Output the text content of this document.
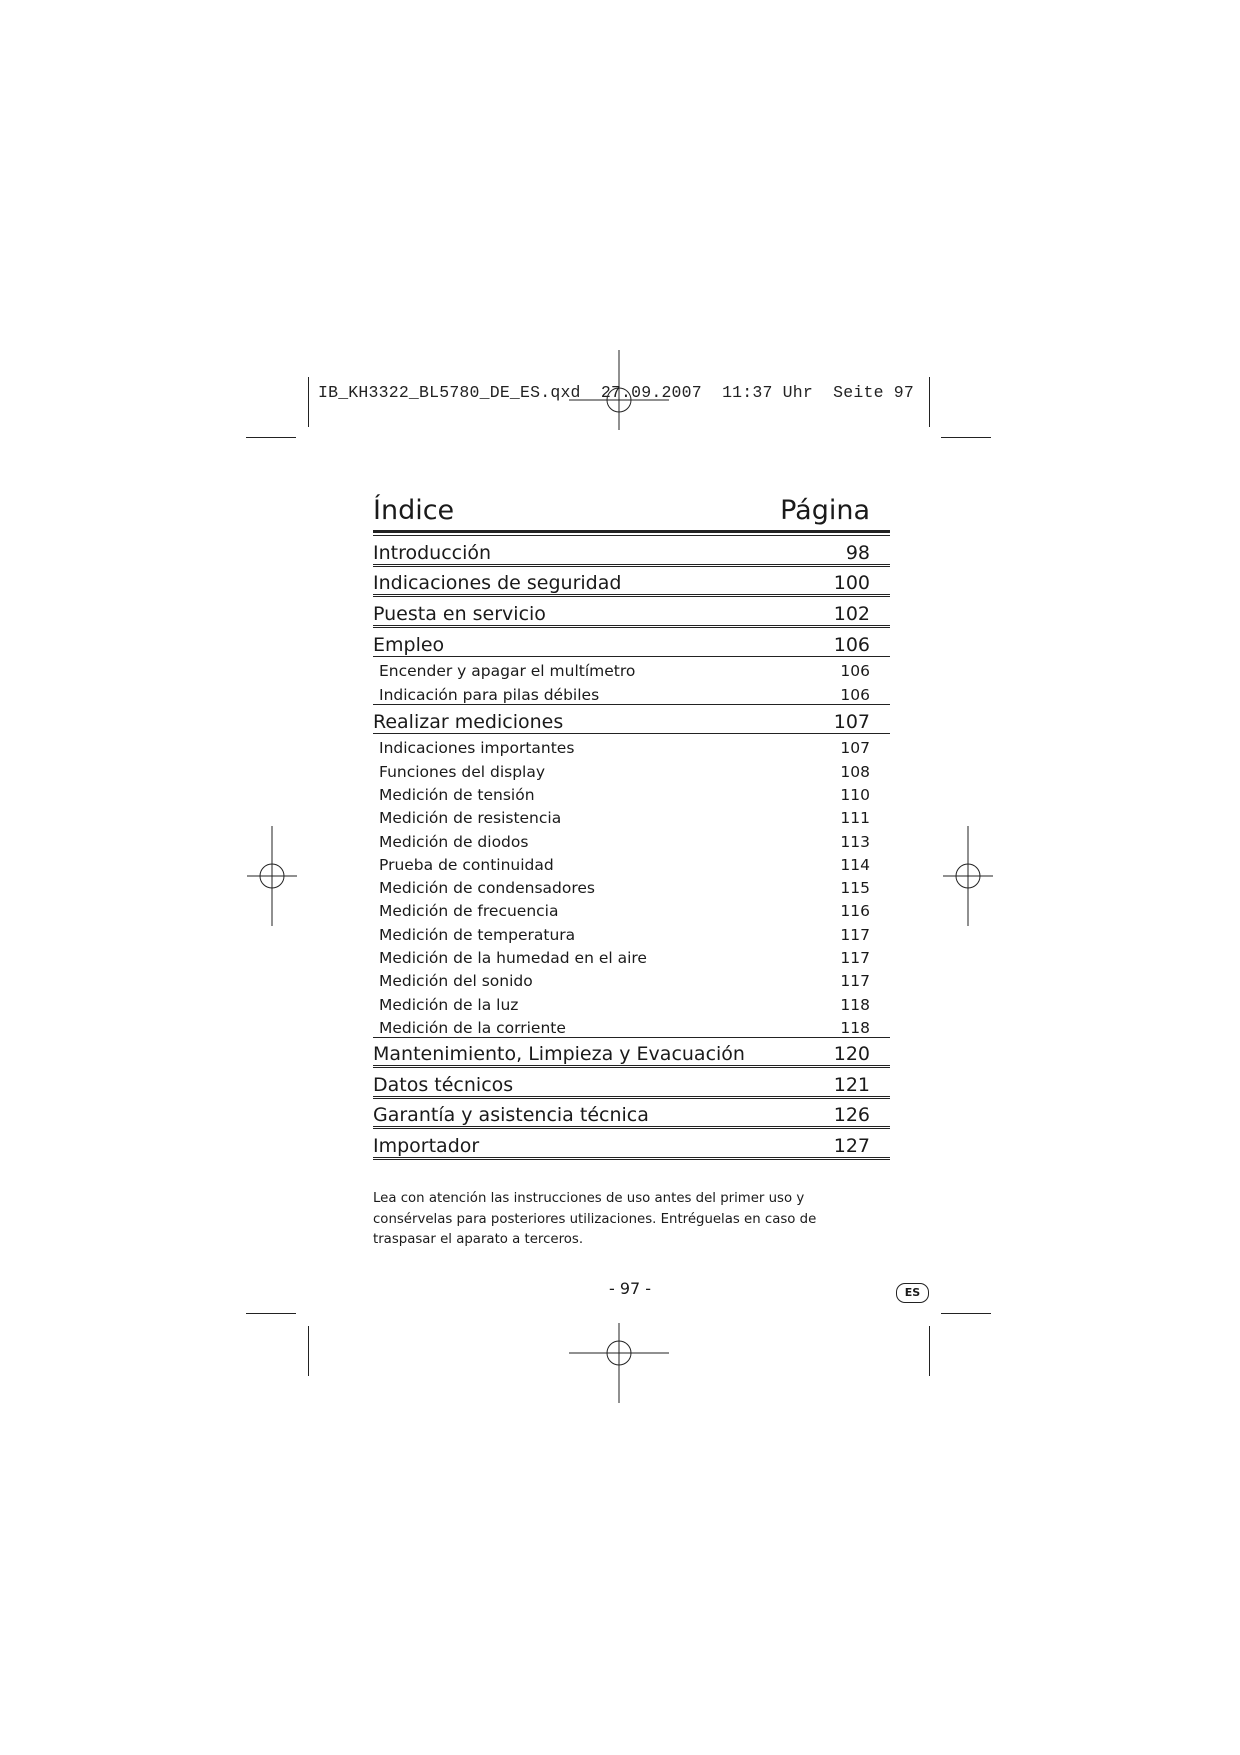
IB_KH3322_BL5780_DE_ES.qxd  27.09.2007  11:37 Uhr  Seite 97
Índice	Página
Introducción	98
Indicaciones de seguridad	100
Puesta en servicio	102
Empleo	106
Encender y apagar el multímetro	106
Indicación para pilas débiles	106
Realizar mediciones	107
Indicaciones importantes	107
Funciones del display	108
Medición de tensión	110
Medición de resistencia	111
Medición de diodos	113
Prueba de continuidad	114
Medición de condensadores	115
Medición de frecuencia	116
Medición de temperatura	117
Medición de la humedad en el aire	117
Medición del sonido	117
Medición de la luz	118
Medición de la corriente	118
Mantenimiento, Limpieza y Evacuación	120
Datos técnicos	121
Garantía y asistencia técnica	126
Importador	127
Lea con atención las instrucciones de uso antes del primer uso y consérvelas para posteriores utilizaciones. Entréguelas en caso de traspasar el aparato a terceros.
- 97 -	ES
